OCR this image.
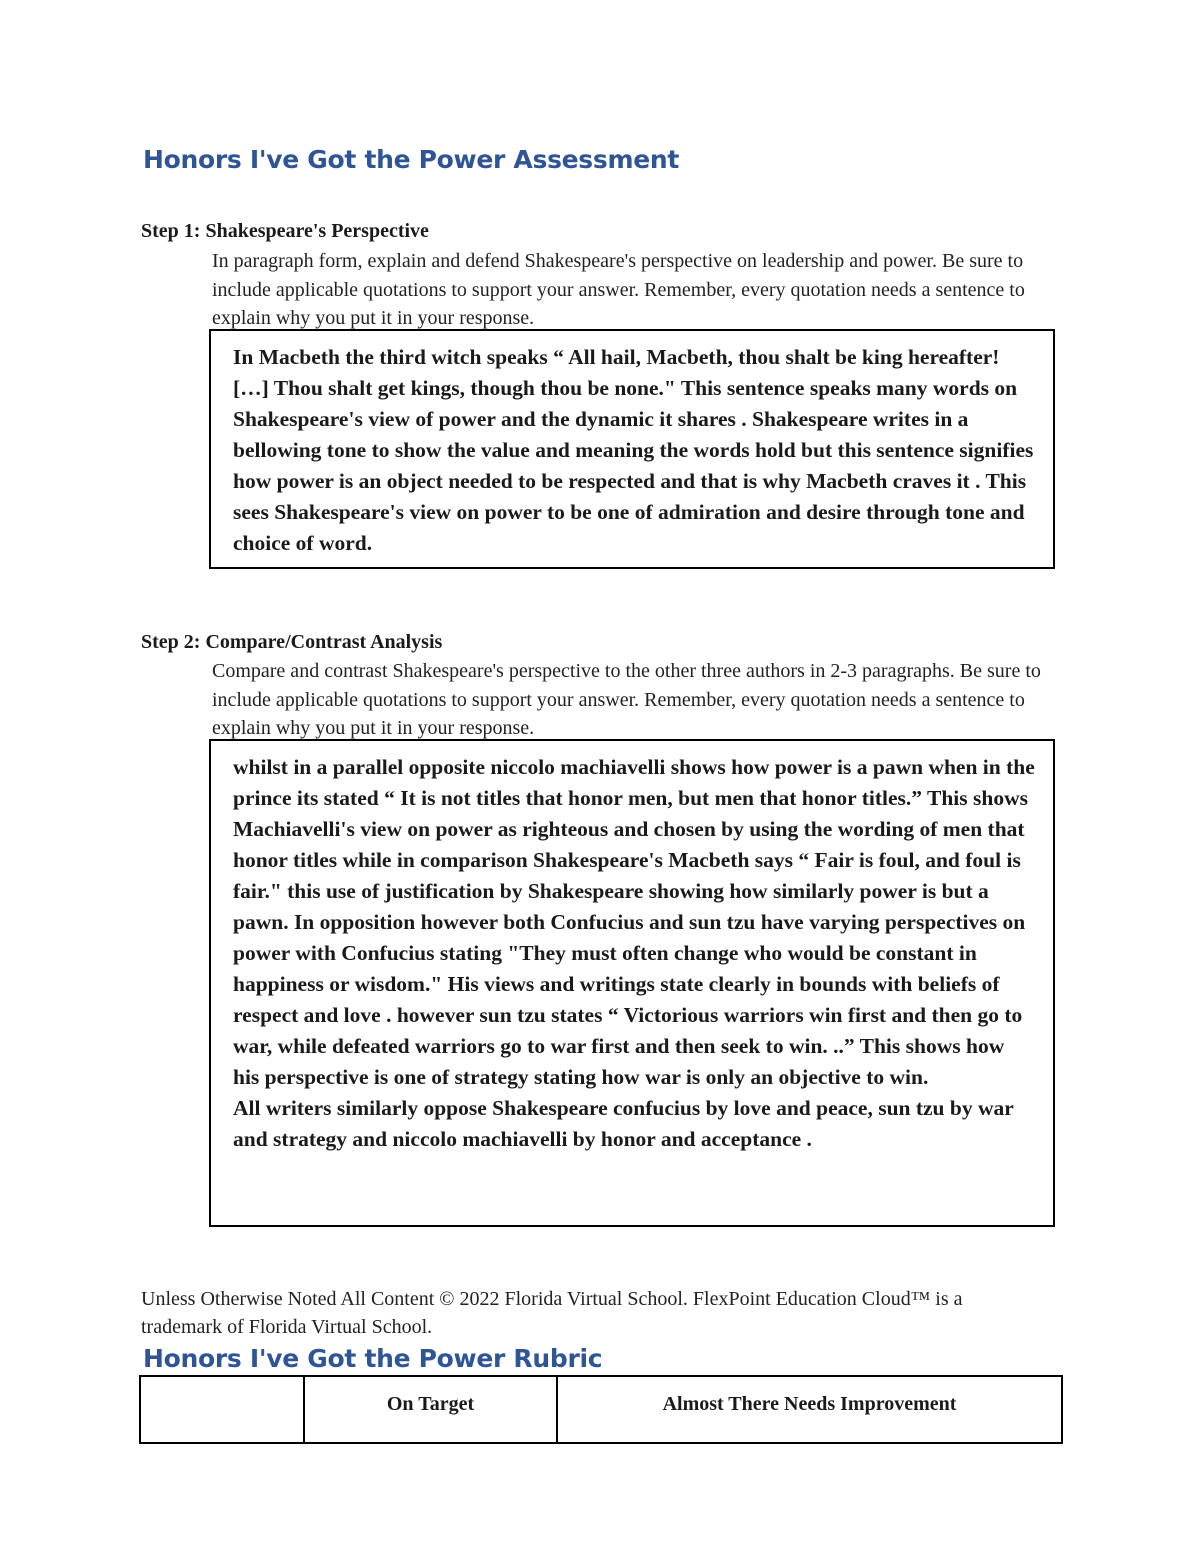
Honors I've Got the Power Assessment
Step 1: Shakespeare's Perspective
In paragraph form, explain and defend Shakespeare's perspective on leadership and power. Be sure to include applicable quotations to support your answer. Remember, every quotation needs a sentence to explain why you put it in your response.

In Macbeth the third witch speaks “ All hail, Macbeth, thou shalt be king hereafter! […] Thou shalt get kings, though thou be none." This sentence speaks many words on Shakespeare's view of power and the dynamic it shares . Shakespeare writes in a bellowing tone to show the value and meaning the words hold but this sentence signifies how power is an object needed to be respected and that is why Macbeth craves it . This sees Shakespeare's view on power to be one of admiration and desire through tone and choice of word.

Step 2: Compare/Contrast Analysis
Compare and contrast Shakespeare's perspective to the other three authors in 2-3 paragraphs. Be sure to include applicable quotations to support your answer. Remember, every quotation needs a sentence to explain why you put it in your response.

whilst in a parallel opposite niccolo machiavelli shows how power is a pawn when in the prince its stated “ It is not titles that honor men, but men that honor titles.” This shows Machiavelli's view on power as righteous and chosen by using the wording of men that honor titles while in comparison Shakespeare's Macbeth says “ Fair is foul, and foul is fair." this use of justification by Shakespeare showing how similarly power is but a pawn. In opposition however both Confucius and sun tzu have varying perspectives on power with Confucius stating "They must often change who would be constant in happiness or wisdom." His views and writings state clearly in bounds with beliefs of respect and love . however sun tzu states “ Victorious warriors win first and then go to war, while defeated warriors go to war first and then seek to win. ..” This shows how his perspective is one of strategy stating how war is only an objective to win.

All writers similarly oppose Shakespeare confucius by love and peace, sun tzu by war and strategy and niccolo machiavelli by honor and acceptance .

Unless Otherwise Noted All Content © 2022 Florida Virtual School. FlexPoint Education Cloud™ is a trademark of Florida Virtual School.
Honors I've Got the Power Rubric
	On Target	Almost There Needs Improvement
